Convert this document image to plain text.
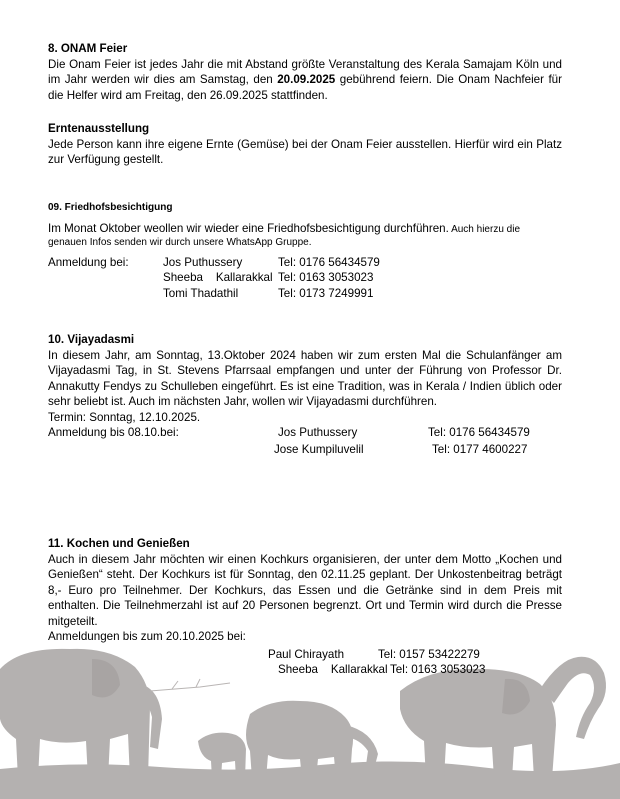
8. ONAM Feier
Die Onam Feier ist jedes Jahr die mit Abstand größte Veranstaltung des Kerala Samajam Köln und im Jahr werden wir dies am Samstag, den 20.09.2025 gebührend feiern. Die Onam Nachfeier für die Helfer wird am Freitag, den 26.09.2025 stattfinden.
Erntenausstellung
Jede Person kann ihre eigene Ernte (Gemüse) bei der Onam Feier ausstellen. Hierfür wird ein Platz zur Verfügung gestellt.
09. Friedhofsbesichtigung
Im Monat Oktober weollen wir wieder eine Friedhofsbesichtigung durchführen. Auch hierzu die
genauen Infos senden wir durch unsere WhatsApp Gruppe.
Anmeldung bei:	Jos Puthussery	Tel: 0176 56434579
Sheeba    Kallarakkal Tel: 0163 3053023
Tomi Thadathil	Tel: 0173 7249991
10. Vijayadasmi
In diesem Jahr, am Sonntag, 13.Oktober 2024 haben wir zum ersten Mal die Schulanfänger am Vijayadasmi Tag, in St. Stevens Pfarrsaal empfangen und unter der Führung von Professor Dr. Annakutty Fendys zu Schulleben eingeführt. Es ist eine Tradition, was in Kerala / Indien üblich oder sehr beliebt ist. Auch im nächsten Jahr, wollen wir Vijayadasmi durchführen.
Termin: Sonntag, 12.10.2025.
Anmeldung bis 08.10.bei:	Jos Puthussery	Tel: 0176 56434579
Jose Kumpiluvelil	Tel: 0177 4600227
11. Kochen und Genießen
Auch in diesem Jahr möchten wir einen Kochkurs organisieren, der unter dem Motto „Kochen und Genießen“ steht. Der Kochkurs ist für Sonntag, den 02.11.25 geplant. Der Unkostenbeitrag beträgt 8,- Euro pro Teilnehmer. Der Kochkurs, das Essen und die Getränke sind in dem Preis mit enthalten. Die Teilnehmerzahl ist auf 20 Personen begrenzt. Ort und Termin wird durch die Presse mitgeteilt.
Anmeldungen bis zum 20.10.2025 bei:
Paul Chirayath	Tel: 0157 53422279
Sheeba    Kallarakkal Tel: 0163 3053023
